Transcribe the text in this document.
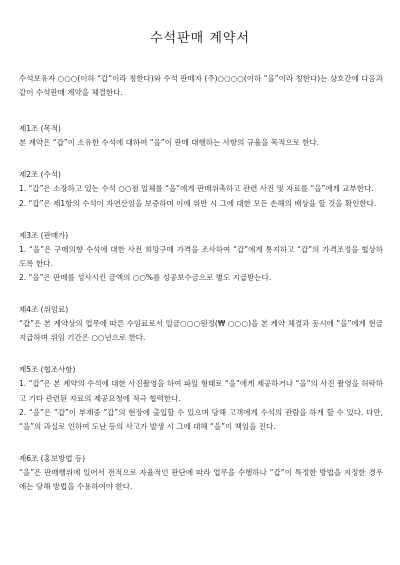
수석판매 계약서

수석보유자 ○○○(이하 “갑”이라 칭한다)와 수석 판매자 (주)○○○○(이하 “을”이라 칭한다)는 상호간에 다음과 같이 수석판매 계약을 체결한다.

제1조 (목적)

본 계약은 “갑”이 소유한 수석에 대하여 “을”이 판매 대행하는 사항의 규율을 목적으로 한다.

제2조 (수석)

1. “갑”은 소장하고 있는 수석 ○○점 일체를 “을”에게 판매위촉하고 관련 사진 및 자료를 “을”에게 교부한다.

2. “갑”은 제1항의 수석이 자연산임을 보증하며 이에 위반 시 그에 대한 모든 손해의 배상을 할 것을 확인한다.

제3조 (판매가)

1. “을”은 구매의향 수석에 대한 사전 희망구매 가격을 조사하여 “갑”에게 통지하고 “갑”의 가격조정을 협상하도록 한다.

2. “을”은 판매를 성사시킨 금액의 ○○%를 성공보수금으로 별도 지급받는다.

제4조 (위임료)

“갑”은 본 계약상의 업무에 따른 수임료로서 일금○○○원정(₩ ○○○)을 본 계약 체결과 동시에 “을”에게 현금 지급하며 위임 기간은 ○○년으로 한다.

제5조 (협조사항)

1. “갑”은 본 계약의 수석에 대한 사진촬영을 하여 파일 형태로 “을”에게 제공하거나 “을”의 사진 촬영을 허락하고 기타 관련된 자료의 제공요청에 적극 협력한다.

2. “을”은 “갑”이 부재중 “갑”의 현장에 출입할 수 있으며 당해 고객에게 수석의 관람을 하게 할 수 있다. 다만, “을”의 과실로 인하여 도난 등의 사고가 발생 시 그에 대해 “을”이 책임을 진다.

제6조 (홍보방법 등)

“을”은 판매행위에 있어서 전적으로 자율적인 판단에 따라 업무을 수행하나 “갑”이 특정한 방법을 지정한 경우에는 당해 방법을 수용하여야 한다.
